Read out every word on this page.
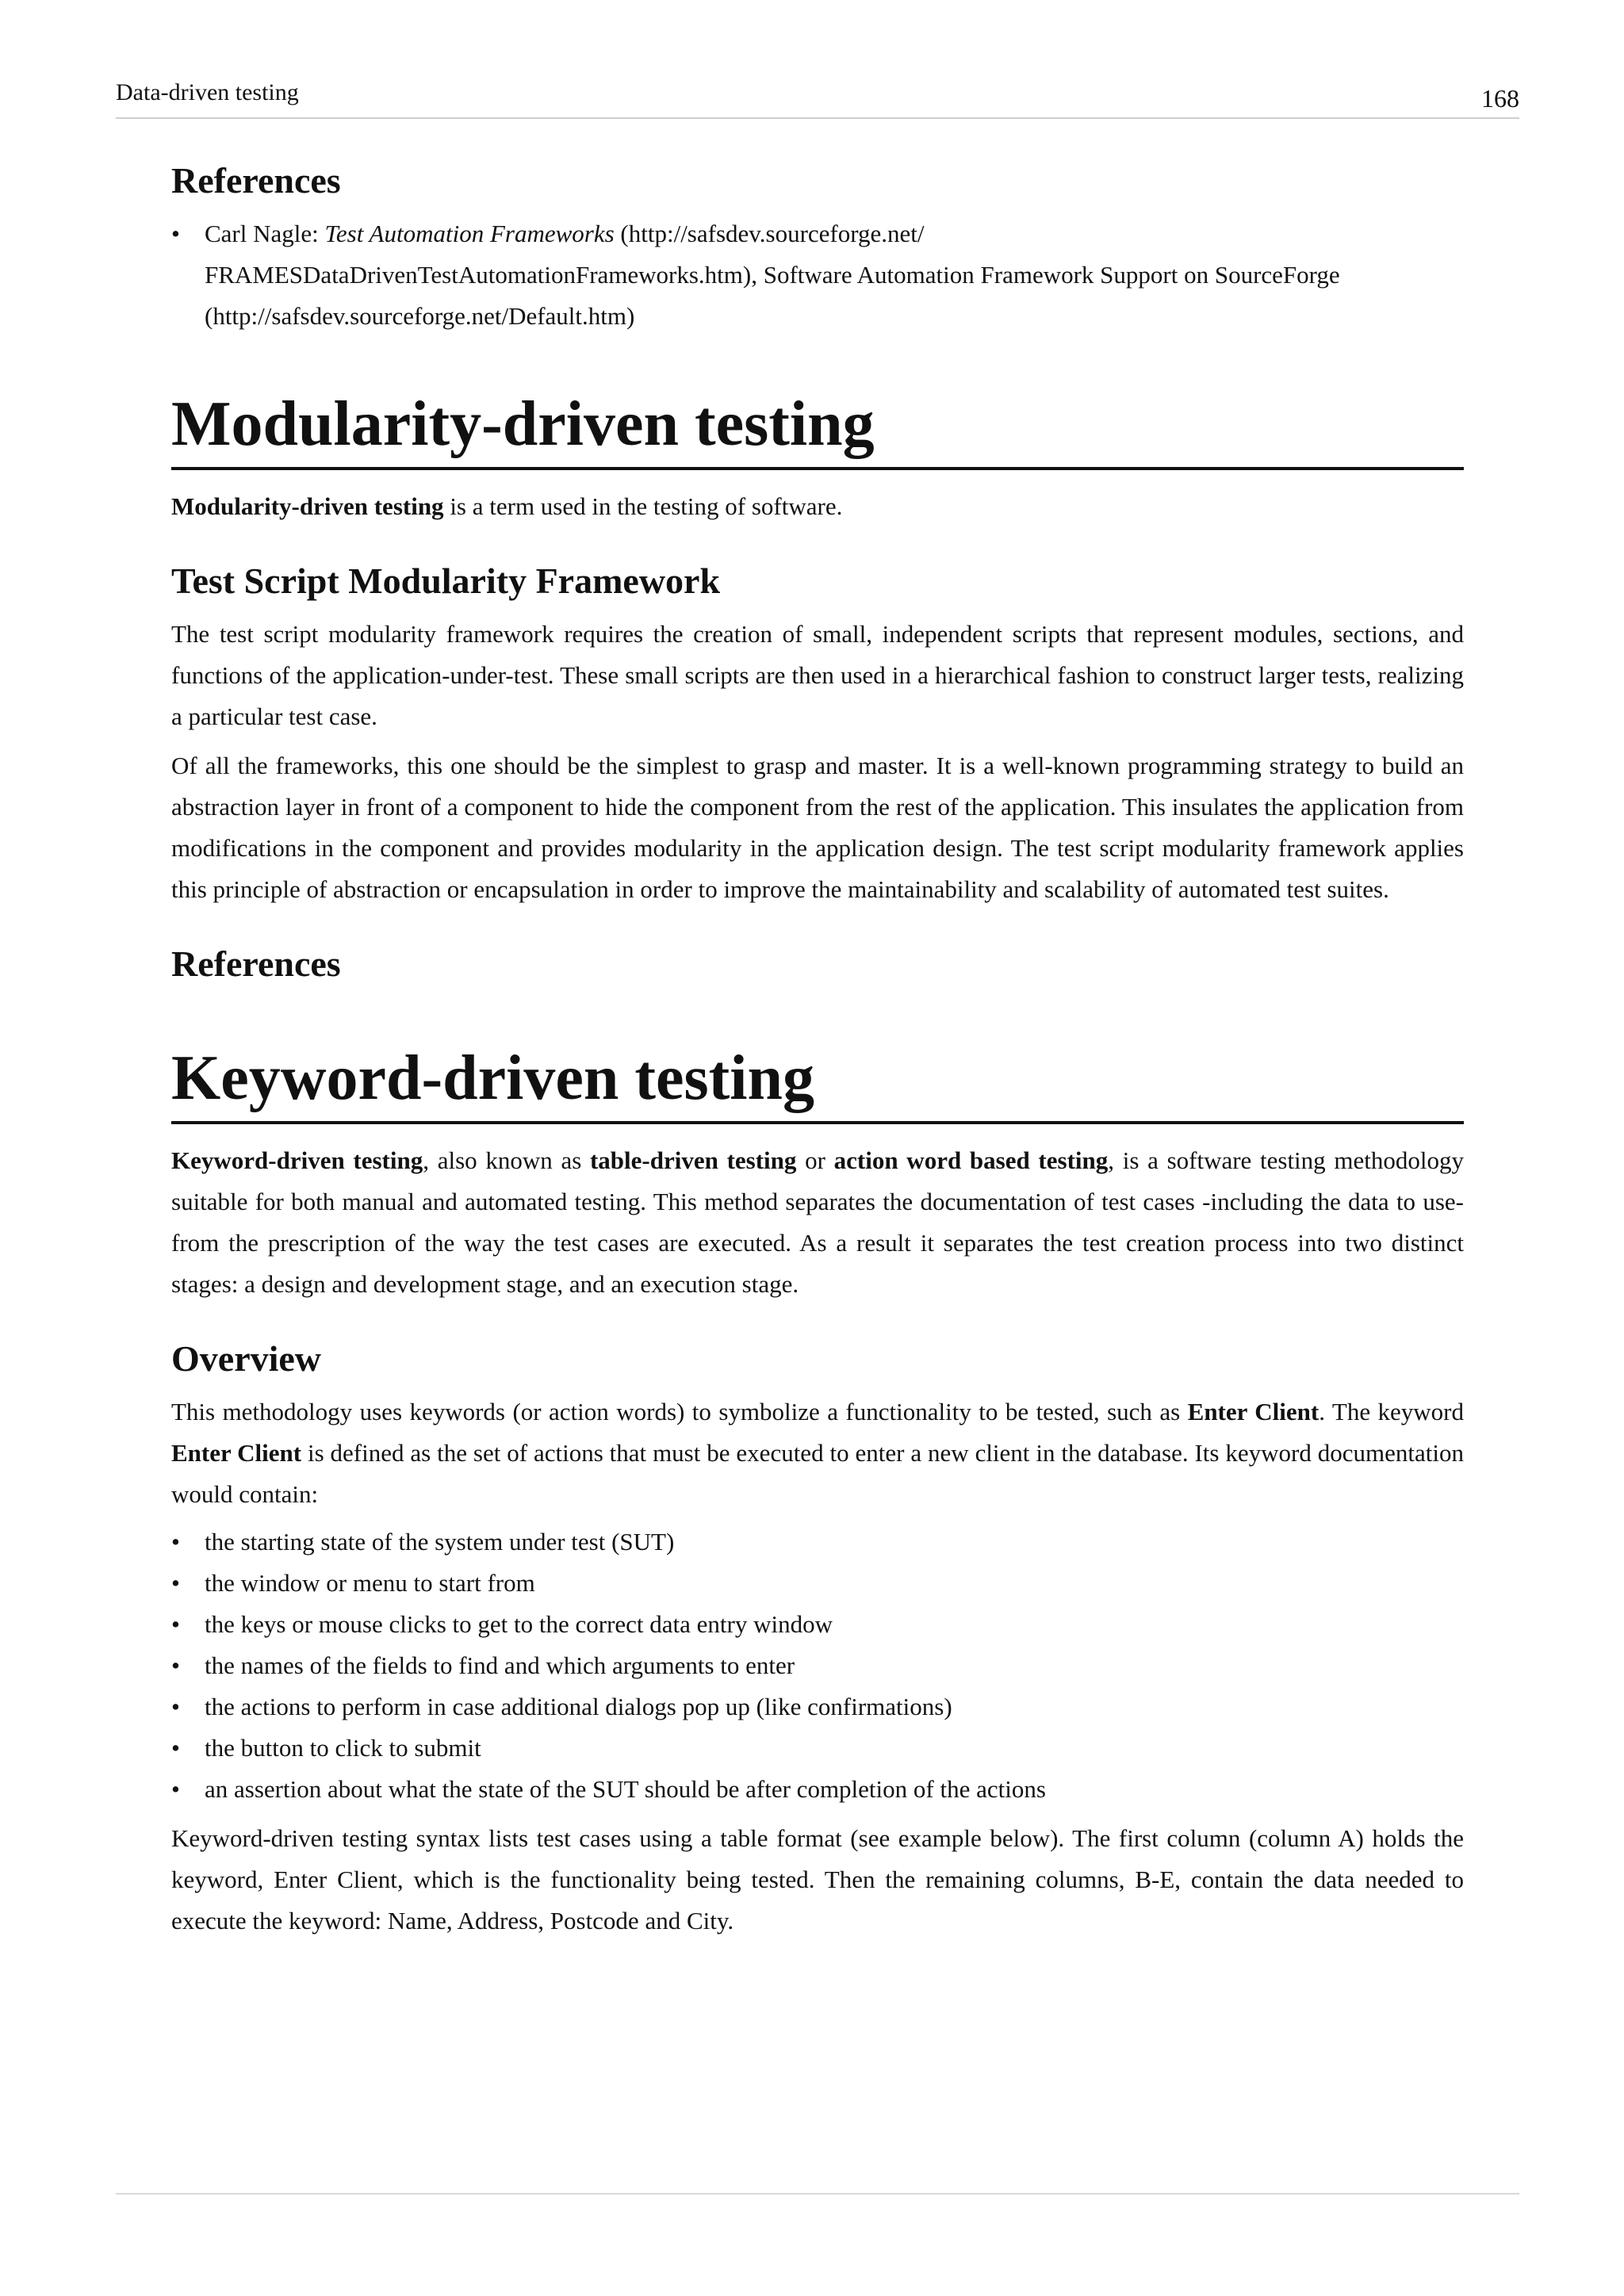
Data-driven testing	168
References
• Carl Nagle: Test Automation Frameworks (http://safsdev.sourceforge.net/ FRAMESDataDrivenTestAutomationFrameworks.htm), Software Automation Framework Support on SourceForge (http://safsdev.sourceforge.net/Default.htm)
Modularity-driven testing

Modularity-driven testing is a term used in the testing of software.

Test Script Modularity Framework

The test script modularity framework requires the creation of small, independent scripts that represent modules, sections, and functions of the application-under-test. These small scripts are then used in a hierarchical fashion to construct larger tests, realizing a particular test case.

Of all the frameworks, this one should be the simplest to grasp and master. It is a well-known programming strategy to build an abstraction layer in front of a component to hide the component from the rest of the application. This insulates the application from modifications in the component and provides modularity in the application design. The test script modularity framework applies this principle of abstraction or encapsulation in order to improve the maintainability and scalability of automated test suites.

References
Keyword-driven testing

Keyword-driven testing, also known as table-driven testing or action word based testing, is a software testing methodology suitable for both manual and automated testing. This method separates the documentation of test cases -including the data to use- from the prescription of the way the test cases are executed. As a result it separates the test creation process into two distinct stages: a design and development stage, and an execution stage.

Overview

This methodology uses keywords (or action words) to symbolize a functionality to be tested, such as Enter Client. The keyword Enter Client is defined as the set of actions that must be executed to enter a new client in the database. Its keyword documentation would contain:

• the starting state of the system under test (SUT)
• the window or menu to start from
• the keys or mouse clicks to get to the correct data entry window
• the names of the fields to find and which arguments to enter
• the actions to perform in case additional dialogs pop up (like confirmations)
• the button to click to submit
• an assertion about what the state of the SUT should be after completion of the actions

Keyword-driven testing syntax lists test cases using a table format (see example below). The first column (column A) holds the keyword, Enter Client, which is the functionality being tested. Then the remaining columns, B-E, contain the data needed to execute the keyword: Name, Address, Postcode and City.
